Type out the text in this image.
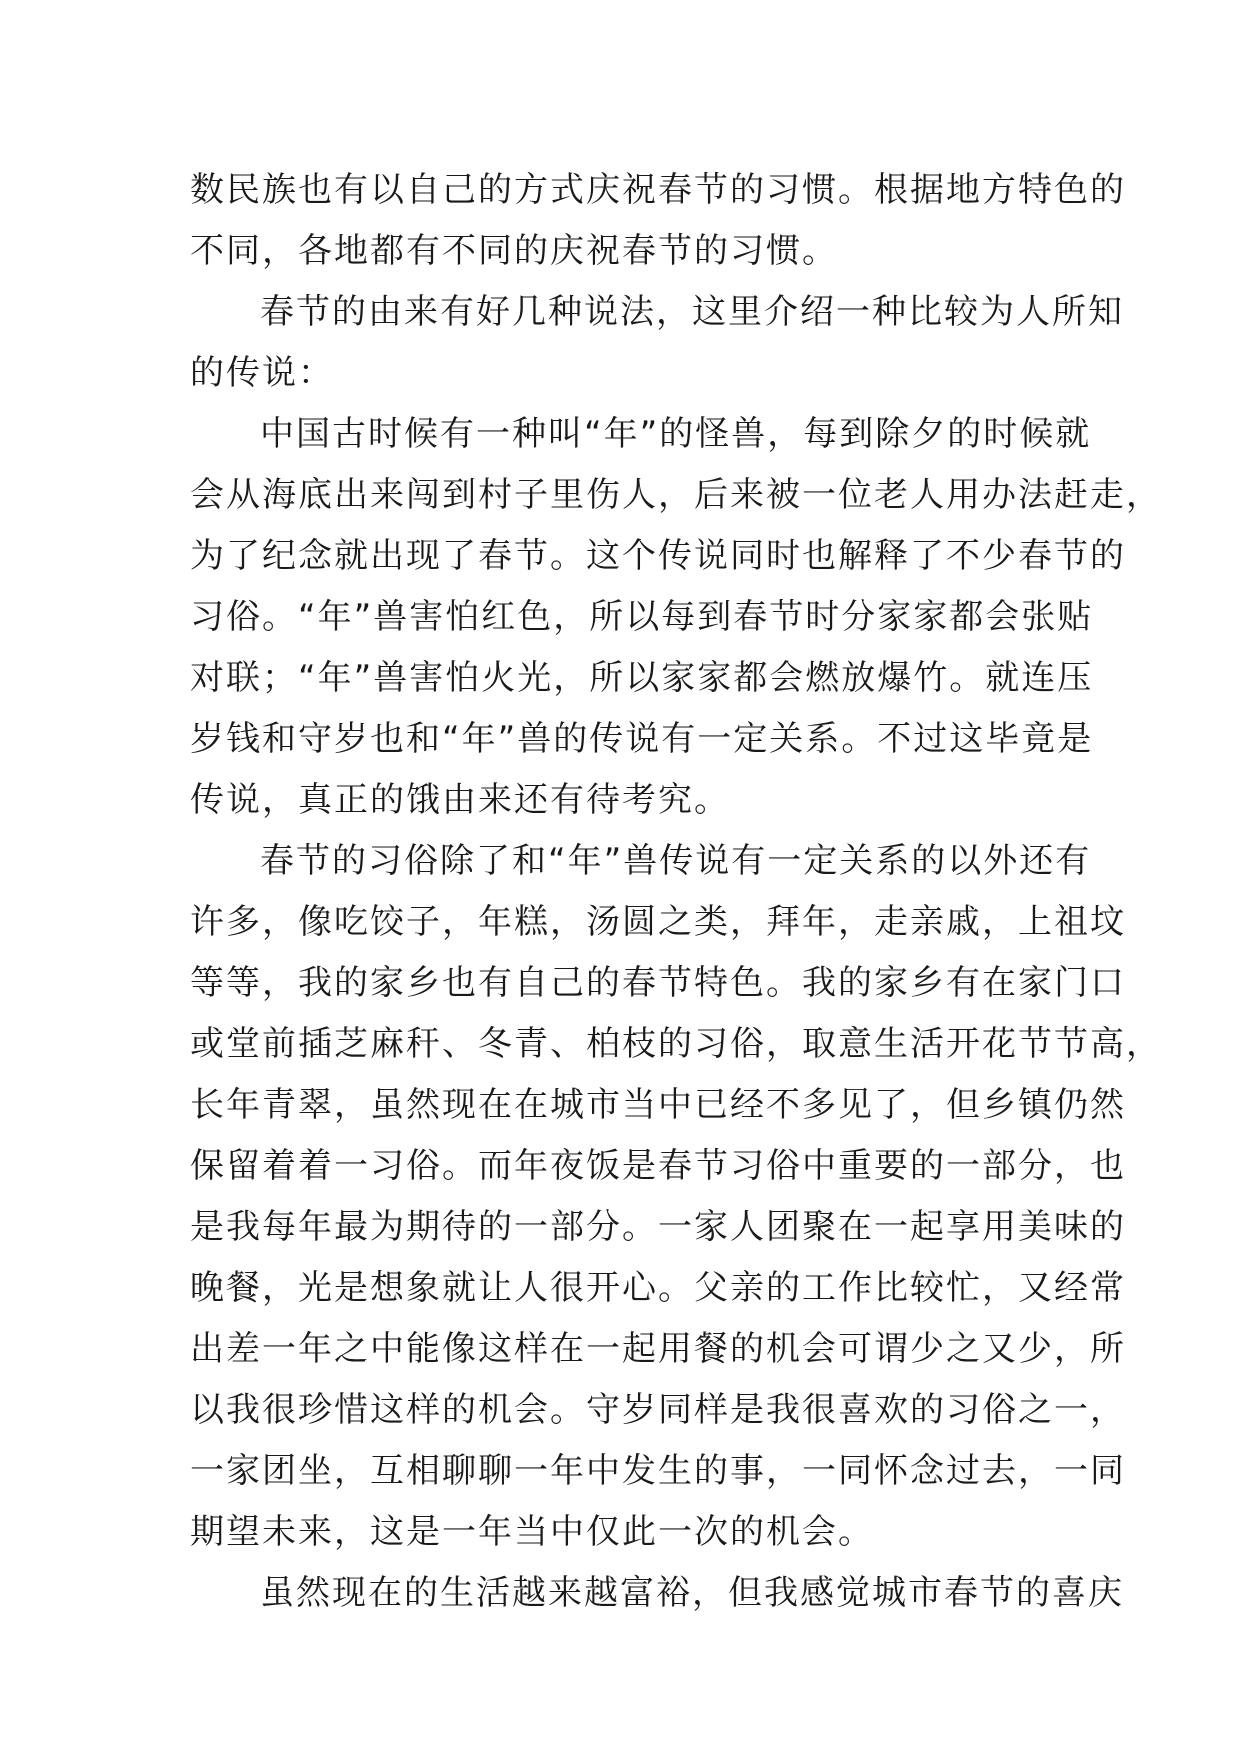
数民族也有以自己的方式庆祝春节的习惯。根据地方特色的
不同，各地都有不同的庆祝春节的习惯。
春节的由来有好几种说法，这里介绍一种比较为人所知
的传说：
中国古时候有一种叫“年”的怪兽，每到除夕的时候就
会从海底出来闯到村子里伤人，后来被一位老人用办法赶走，
为了纪念就出现了春节。这个传说同时也解释了不少春节的
习俗。“年”兽害怕红色，所以每到春节时分家家都会张贴
对联；“年”兽害怕火光，所以家家都会燃放爆竹。就连压
岁钱和守岁也和“年”兽的传说有一定关系。不过这毕竟是
传说，真正的饿由来还有待考究。
春节的习俗除了和“年”兽传说有一定关系的以外还有
许多，像吃饺子，年糕，汤圆之类，拜年，走亲戚，上祖坟
等等，我的家乡也有自己的春节特色。我的家乡有在家门口
或堂前插芝麻秆、冬青、柏枝的习俗，取意生活开花节节高，
长年青翠，虽然现在在城市当中已经不多见了，但乡镇仍然
保留着着一习俗。而年夜饭是春节习俗中重要的一部分，也
是我每年最为期待的一部分。一家人团聚在一起享用美味的
晚餐，光是想象就让人很开心。父亲的工作比较忙，又经常
出差一年之中能像这样在一起用餐的机会可谓少之又少，所
以我很珍惜这样的机会。守岁同样是我很喜欢的习俗之一，
一家团坐，互相聊聊一年中发生的事，一同怀念过去，一同
期望未来，这是一年当中仅此一次的机会。
虽然现在的生活越来越富裕，但我感觉城市春节的喜庆
